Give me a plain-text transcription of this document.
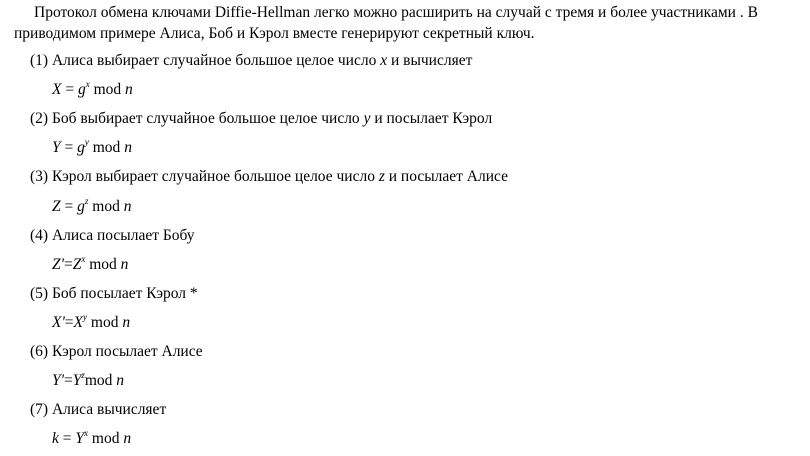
Протокол обмена ключами Diffie-Hellman легко можно расширить на случай с тремя и более участниками . В
приводимом примере Алиса, Боб и Кэрол вместе генерируют секретный ключ.

(1) Алиса выбирает случайное большое целое число x и вычисляет

$X = g^x$ mod n

(2) Боб выбирает случайное большое целое число y и посылает Кэрол

$Y = g^y$ mod n

(3) Кэрол выбирает случайное большое целое число z и посылает Алисе

$Z = g^z$ mod n

(4) Алиса посылает Бобу

$Z'=Z^x$ mod n

(5) Боб посылает Кэрол *

$X'=X^y$ mod n

(6) Кэрол посылает Алисе

$Y'=Y^zmod$ n

(7) Алиса вычисляет

$k = Y^x$ mod n
